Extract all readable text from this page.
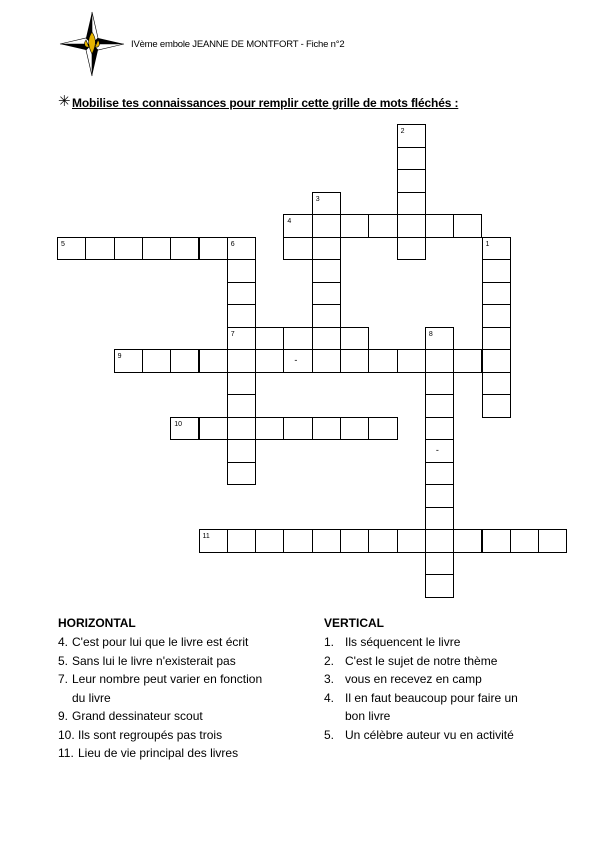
IVème embole JEANNE DE MONTFORT - Fiche n°2
✳ Mobilise tes connaissances pour remplir cette grille de mots fléchés :
5	6
4
9
10
11
2
3
1
7	8
-
-
HORIZONTAL
4. C'est pour lui que le livre est écrit
5. Sans lui le livre n'existerait pas
7. Leur nombre peut varier en fonction
du livre
9. Grand dessinateur scout
10. Ils sont regroupés pas trois
11. Lieu de vie principal des livres
VERTICAL
1. Ils séquencent le livre
2. C'est le sujet de notre thème
3. vous en recevez en camp
4. Il en faut beaucoup pour faire un
bon livre
5. Un célèbre auteur vu en activité
